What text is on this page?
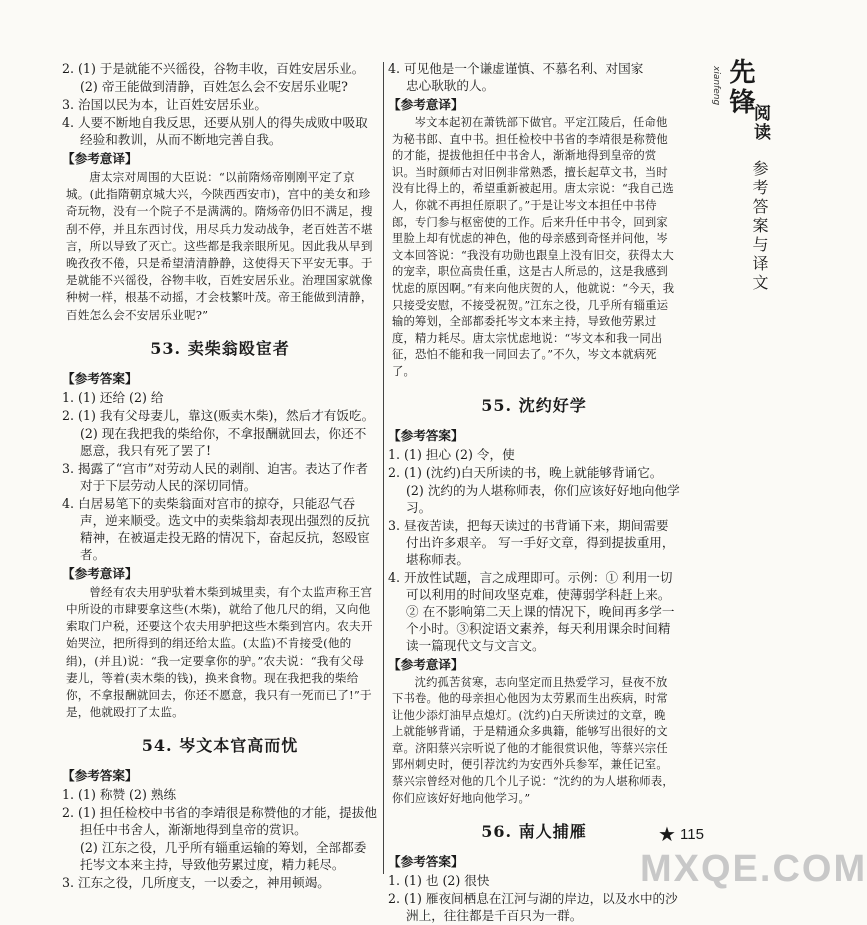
先锋
xianfeng
阅读
参考答案与译文
2. (1) 于是就能不兴徭役，谷物丰收，百姓安居乐业。
(2) 帝王能做到清静，百姓怎么会不安居乐业呢?
3. 治国以民为本，让百姓安居乐业。
4. 人要不断地自我反思，还要从别人的得失成败中吸取经验和教训，从而不断地完善自我。
【参考意译】
唐太宗对周围的大臣说：“以前隋炀帝刚刚平定了京城。(此指隋朝京城大兴，今陕西西安市)，宫中的美女和珍奇玩物，没有一个院子不是满满的。隋炀帝仍旧不满足，搜刮不停，并且东西讨伐，用尽兵力发动战争，老百姓苦不堪言，所以导致了灭亡。这些都是我亲眼所见。因此我从早到晚孜孜不倦，只是希望清清静静，这使得天下平安无事。于是就能不兴徭役，谷物丰收，百姓安居乐业。治理国家就像种树一样，根基不动摇，才会枝繁叶茂。帝王能做到清静，百姓怎么会不安居乐业呢?”
53. 卖柴翁殴宦者
【参考答案】
1. (1) 还给 (2) 给
2. (1) 我有父母妻儿，靠这(贩卖木柴)，然后才有饭吃。
(2) 现在我把我的柴给你，不拿报酬就回去，你还不愿意，我只有死了罢了!
3. 揭露了“宫市”对劳动人民的剥削、迫害。表达了作者对于下层劳动人民的深切同情。
4. 白居易笔下的卖柴翁面对宫市的掠夺，只能忍气吞声，逆来顺受。选文中的卖柴翁却表现出强烈的反抗精神，在被逼走投无路的情况下，奋起反抗，怒殴宦者。
【参考意译】
曾经有农夫用驴驮着木柴到城里卖，有个太监声称王宫中所设的市肆要拿这些(木柴)，就给了他几尺的绢，又向他索取门户税，还要这个农夫用驴把这些木柴到宫内。农夫开始哭泣，把所得到的绢还给太监。(太监)不肯接受(他的绢)，(并且)说：“我一定要拿你的驴。”农夫说：“我有父母妻儿，等着(卖木柴的钱)，换来食物。现在我把我的柴给你，不拿报酬就回去，你还不愿意，我只有一死而已了!”于是，他就殴打了太监。
54. 岑文本官高而忧
【参考答案】
1. (1) 称赞 (2) 熟练
2. (1) 担任检校中书省的李靖很是称赞他的才能，提拔他担任中书舍人，渐渐地得到皇帝的赏识。
(2) 江东之役，几乎所有辎重运输的筹划，全部都委托岑文本来主持，导致他劳累过度，精力耗尽。
3. 江东之役，几所度支，一以委之，神用顿竭。
4. 可见他是一个谦虚谨慎、不慕名利、对国家忠心耿耿的人。
【参考意译】
岑文本起初在萧铣部下做官。平定江陵后，任命他为秘书郎、直中书。担任检校中书省的李靖很是称赞他的才能，提拔他担任中书舍人，渐渐地得到皇帝的赏识。当时颜师古对旧例非常熟悉，擅长起草文书，当时没有比得上的，希望重新被起用。唐太宗说：“我自己选人，你就不再担任原职了。”于是让岑文本担任中书侍郎，专门参与枢密使的工作。后来升任中书令，回到家里脸上却有忧虑的神色，他的母亲感到奇怪并问他，岑文本回答说：“我没有功勋也跟皇上没有旧交，获得太大的宠幸，职位高贵任重，这是古人所忌的，这是我感到忧虑的原因啊。”有来向他庆贺的人，他就说：“今天，我只接受安慰，不接受祝贺。”江东之役，几乎所有辎重运输的筹划，全部都委托岑文本来主持，导致他劳累过度，精力耗尽。唐太宗忧虑地说：“岑文本和我一同出征，恐怕不能和我一同回去了。”不久，岑文本就病死了。
55. 沈约好学
【参考答案】
1. (1) 担心 (2) 令，使
2. (1) (沈约)白天所读的书，晚上就能够背诵它。
(2) 沈约的为人堪称师表，你们应该好好地向他学习。
3. 昼夜苦读，把每天读过的书背诵下来，期间需要付出许多艰辛。 写一手好文章，得到提拔重用，堪称师表。
4. 开放性试题，言之成理即可。示例：① 利用一切可以利用的时间攻坚克难，使薄弱学科赶上来。② 在不影响第二天上课的情况下，晚间再多学一个小时。③积淀语文素养，每天利用课余时间精读一篇现代文与文言文。
【参考意译】
沈约孤苦贫寒，志向坚定而且热爱学习，昼夜不放下书卷。他的母亲担心他因为太劳累而生出疾病，时常让他少添灯油早点熄灯。(沈约)白天所读过的文章，晚上就能够背诵，于是精通众多典籍，能够写出很好的文章。济阳蔡兴宗听说了他的才能很赏识他，等蔡兴宗任郢州刺史时，便引荐沈约为安西外兵参军，兼任记室。蔡兴宗曾经对他的几个儿子说：“沈约的为人堪称师表，你们应该好好地向他学习。”
56. 南人捕雁
【参考答案】
1. (1) 也 (2) 很快
2. (1) 雁夜间栖息在江河与湖的岸边，以及水中的沙洲上，往往都是千百只为一群。
★ 115
MXQE.COM
